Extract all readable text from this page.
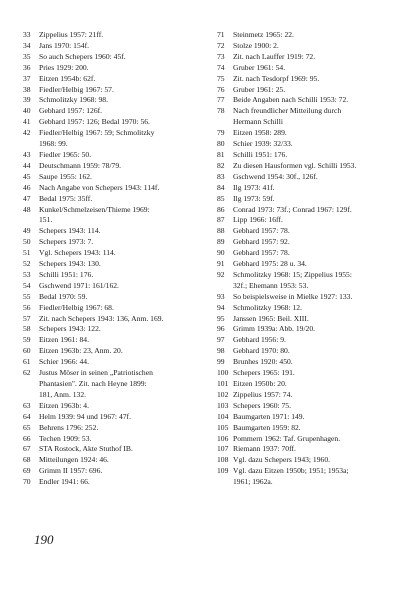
33	Zippelius 1957: 21ff.
34	Jans 1970: 154f.
35	So auch Schepers 1960: 45f.
36	Pries 1929: 200.
37	Eitzen 1954b: 62f.
38	Fiedler/Helbig 1967: 57.
39	Schmolitzky 1968: 98.
40	Gebhard 1957: 126f.
41	Gebhard 1957: 126; Bedal 1970: 56.
42	Fiedler/Helbig 1967: 59; Schmolitzky
1968: 99.
43	Fiedler 1965: 50.
44	Deutschmann 1959: 78/79.
45	Saupe 1955: 162.
46	Nach Angabe von Schepers 1943: 114f.
47	Bedal 1975: 35ff.
48	Kunkel/Schmelzeisen/Thieme 1969:
151.
49	Schepers 1943: 114.
50	Schepers 1973: 7.
51	Vgl. Schepers 1943: 114.
52	Schepers 1943: 130.
53	Schilli 1951: 176.
54	Gschwend 1971: 161/162.
55	Bedal 1970: 59.
56	Fiedler/Helbig 1967: 68.
57	Zit. nach Schepers 1943: 136, Anm. 169.
58	Schepers 1943: 122.
59	Eitzen 1961: 84.
60	Eitzen 1963b: 23, Anm. 20.
61	Schier 1966: 44.
62	Justus Möser in seinen „Patriotischen
Phantasien". Zit. nach Heyne 1899:
181, Anm. 132.
63	Eitzen 1963b: 4.
64	Helm 1939: 94 und 1967: 47f.
65	Behrens 1796: 252.
66	Techen 1909: 53.
67	STA Rostock, Akte Stuthof IB.
68	Mitteilungen 1924: 46.
69	Grimm II 1957: 696.
70	Endler 1941: 66.
71	Steinmetz 1965: 22.
72	Stolze 1900: 2.
73	Zit. nach Lauffer 1919: 72.
74	Gruber 1961: 54.
75	Zit. nach Tesdorpf 1969: 95.
76	Gruber 1961: 25.
77	Beide Angaben nach Schilli 1953: 72.
78	Nach freundlicher Mitteilung durch
Hermann Schilli
79	Eitzen 1958: 289.
80	Schier 1939: 32/33.
81	Schilli 1951: 176.
82	Zu diesen Hausformen vgl. Schilli 1953.
83	Gschwend 1954: 30f., 126f.
84	Ilg 1973: 41f.
85	Ilg 1973: 59f.
86	Conrad 1973: 73f.; Conrad 1967: 129f.
87	Lipp 1966: 16ff.
88	Gebhard 1957: 78.
89	Gebhard 1957: 92.
90	Gebhard 1957: 78.
91	Gebhard 1975: 28 u. 34.
92	Schmolitzky 1968: 15; Zippelius 1955:
32f.; Ehemann 1953: 53.
93	So beispielsweise in Mielke 1927: 133.
94	Schmolitzky 1968: 12.
95	Janssen 1965: Beil. XIII.
96	Grimm 1939a: Abb. 19/20.
97	Gebhard 1956: 9.
98	Gebhard 1970: 80.
99	Brunhes 1920: 450.
100 Schepers 1965: 191.
101 Eitzen 1950b: 20.
102 Zippelius 1957: 74.
103 Schepers 1960: 75.
104 Baumgarten 1971: 149.
105 Baumgarten 1959: 82.
106 Pommern 1962: Taf. Grupenhagen.
107 Riemann 1937: 70ff.
108 Vgl. dazu Schepers 1943; 1960.
109 Vgl. dazu Eitzen 1950b; 1951; 1953a;
1961; 1962a.
190
